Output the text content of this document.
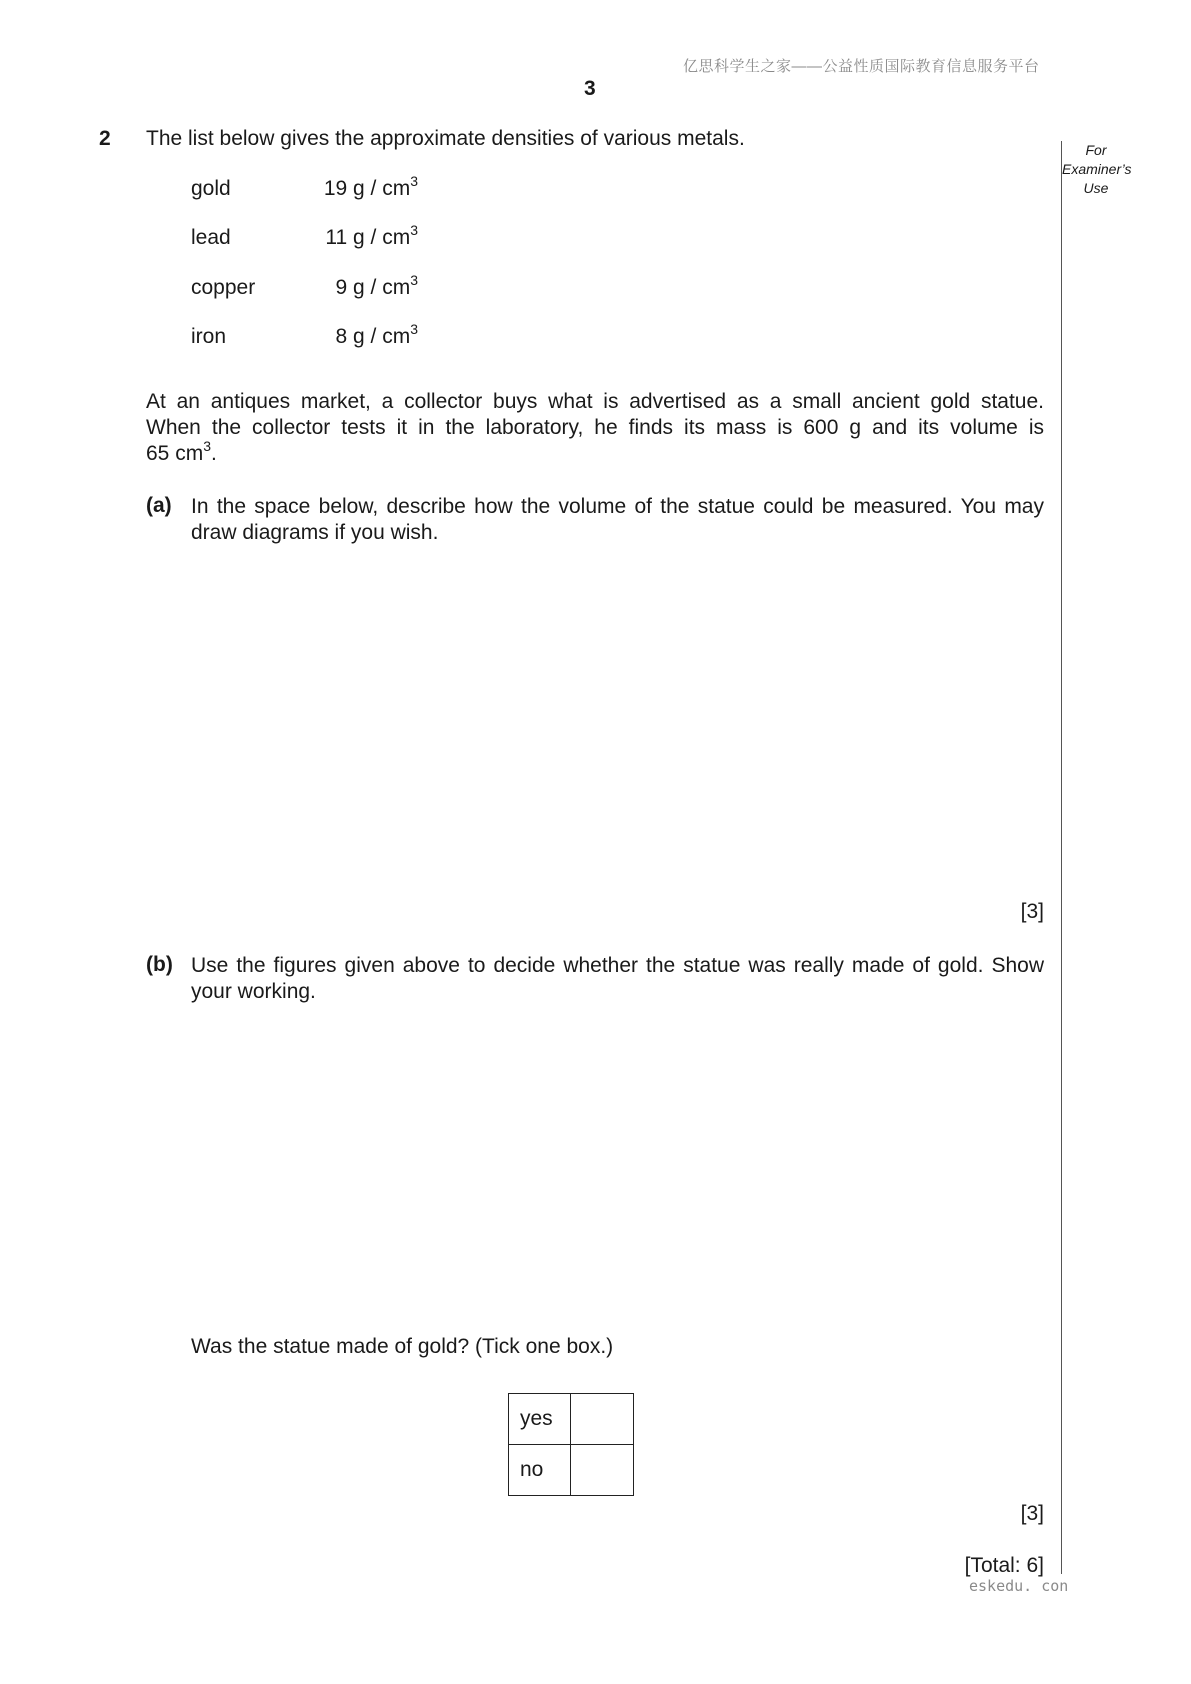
亿思科学生之家——公益性质国际教育信息服务平台
3
For
Examiner’s
Use
2 The list below gives the approximate densities of various metals.
gold	19 g / $cm^3$
lead	11 g / $cm^3$
copper	9 g / $cm^3$
iron	8 g / $cm^3$
At an antiques market, a collector buys what is advertised as a small ancient gold statue.
When the collector tests it in the laboratory, he finds its mass is 600 g and its volume is
65 $cm^3$.
(a) In the space below, describe how the volume of the statue could be measured. You may
draw diagrams if you wish.
[3]
(b) Use the figures given above to decide whether the statue was really made of gold. Show
your working.
Was the statue made of gold? (Tick one box.)
yes	
no	
[3]
[Total: 6]
eskedu. con
